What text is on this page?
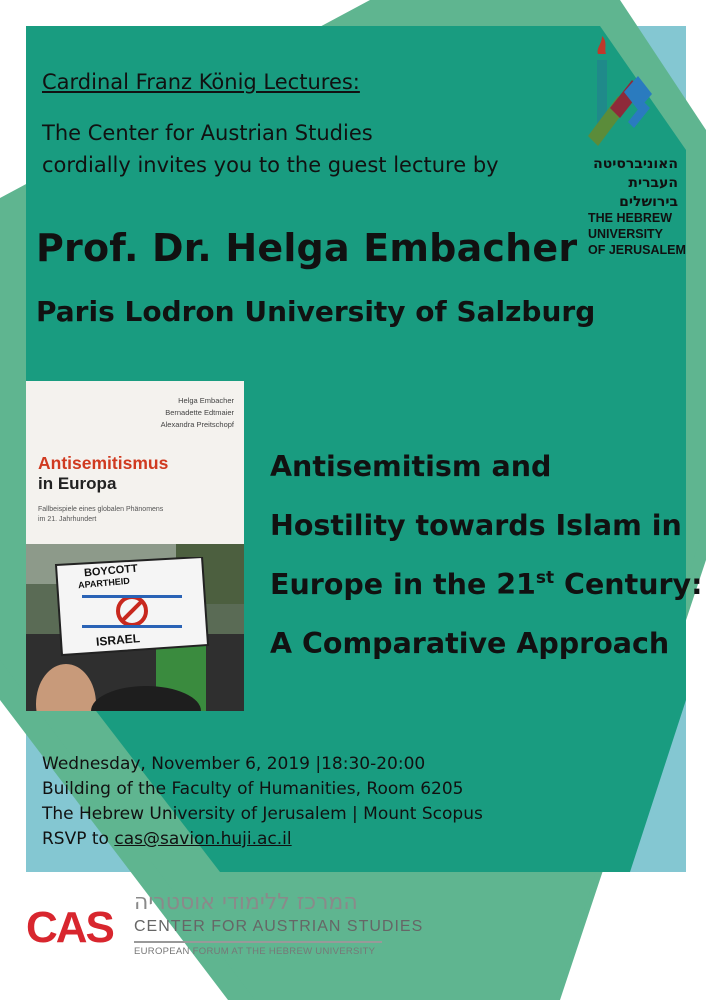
Cardinal Franz König Lectures:
The Center for Austrian Studies
cordially invites you to the guest lecture by
Prof. Dr. Helga Embacher
Paris Lodron University of Salzburg
Helga Embacher
Bernadette Edtmaier
Alexandra Preitschopf
Antisemitismus
in Europa
Fallbeispiele eines globalen Phänomens
im 21. Jahrhundert
BOYCOTT
APARTHEID
ISRAEL
Antisemitism and
Hostility towards Islam in
Europe in the 21st Century:
A Comparative Approach
Wednesday, November 6, 2019 |18:30-20:00
Building of the Faculty of Humanities, Room 6205
The Hebrew University of Jerusalem | Mount Scopus
RSVP to cas@savion.huji.ac.il
האוניברסיטה
העברית
בירושלים
THE HEBREW
UNIVERSITY
OF JERUSALEM
CAS
המרכז ללימודי אוסטריה
CENTER FOR AUSTRIAN STUDIES
EUROPEAN FORUM AT THE HEBREW UNIVERSITY
